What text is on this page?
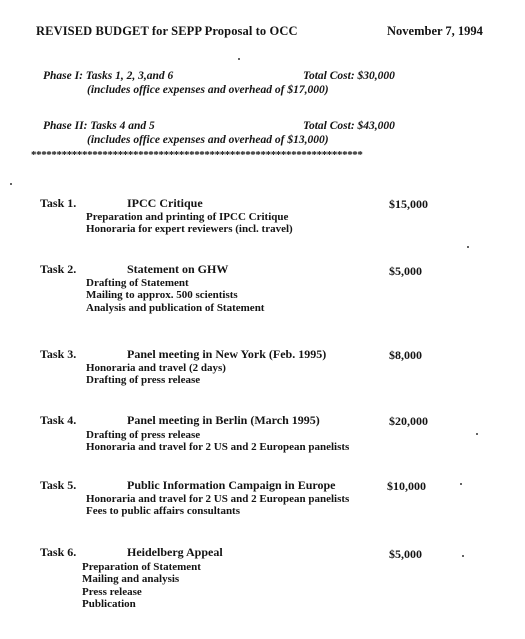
REVISED BUDGET for SEPP Proposal to OCC	November 7, 1994
Phase I: Tasks 1, 2, 3,and 6	Total Cost: $30,000
(includes office expenses and overhead of $17,000)
Phase II: Tasks 4 and 5	Total Cost: $43,000
(includes office expenses and overhead of $13,000)
*****************************************************************
Task 1.	IPCC Critique	$15,000
Preparation and printing of IPCC Critique
Honoraria for expert reviewers (incl. travel)
Task 2.	Statement on GHW	$5,000
Drafting of Statement
Mailing to approx. 500 scientists
Analysis and publication of Statement
Task 3.	Panel meeting in New York (Feb. 1995)	$8,000
Honoraria and travel (2 days)
Drafting of press release
Task 4.	Panel meeting in Berlin (March 1995)	$20,000
Drafting of press release
Honoraria and travel for 2 US and 2 European panelists
Task 5.	Public Information Campaign in Europe	$10,000
Honoraria and travel for 2 US and 2 European panelists
Fees to public affairs consultants
Task 6.	Heidelberg Appeal	$5,000
Preparation of Statement
Mailing and analysis
Press release
Publication
